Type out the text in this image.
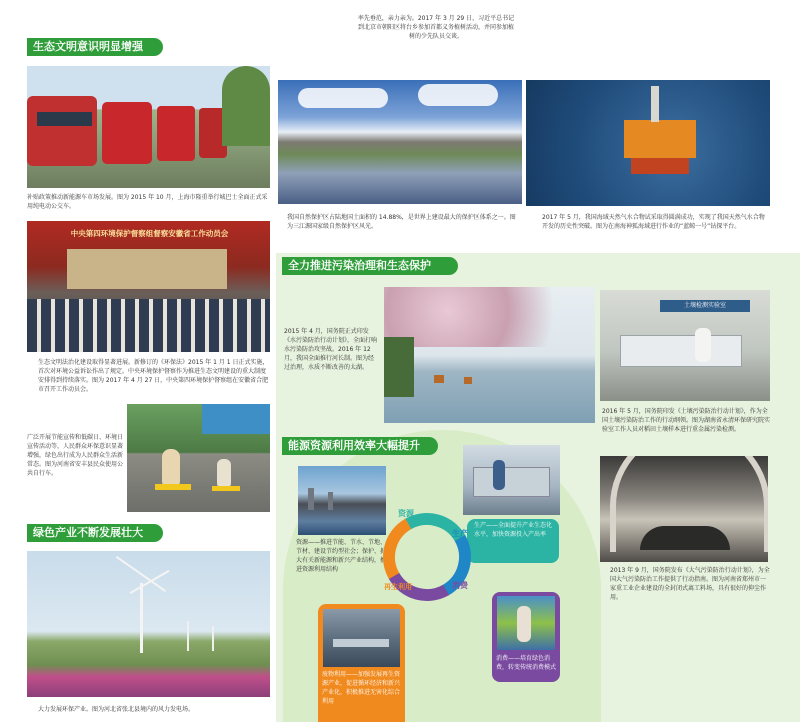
率先垂范，亲力亲为。2017 年 3 月 29 日，习近平总书记到北京市朝阳区将台乡参加首都义务植树活动，并同参加植树的少先队员交谈。
生态文明意识明显增强
补贴政策推动新能源车市场发展。图为 2015 年 10 月，上海市隆重举行城巴士全面正式采用纯电动公交车。
中央第四环境保护督察组督察安徽省工作动员会
生态文明法治化建设取得显著进展。新修订的《环保法》2015 年 1 月 1 日正式实施，首次对环境公益诉讼作出了规定。中央环境保护督察作为推进生态文明建设的重大制度安排得到持续落实。图为 2017 年 4 月 27 日，中央第四环境保护督察组在安徽省合肥市召开工作动员会。
广泛开展节能宣传和低碳日、环境日宣传活动等，人民群众环保意识显著增强，绿色出行成为人民群众生活新常态。图为河南省安丰县民众使用公共自行车。
绿色产业不断发展壮大
大力发展环保产业。图为河北省张北县境内的风力发电场。
我国自然保护区占陆地国土面积的 14.88%，是世界上建设最大的保护区体系之一。图为三江源国家级自然保护区风光。
2017 年 5 月，我国海域天然气水合物试采取得圆满成功，实现了我国天然气水合物开发的历史性突破。图为在南海神狐海域进行作业的“蓝鲸一号”钻探平台。
全力推进污染治理和生态保护
2015 年 4 月，国务院正式印发《水污染防治行动计划》，全面打响水污染防治攻坚战。2016 年 12 月，我国全面推行河长制。图为经过治理，水质不断改善的太湖。
土壤检测实验室
2016 年 5 月，国务院印发《土壤污染防治行动计划》，作为全国土壤污染防治工作的行动纲领。图为湖南省永清环保研究院实验室工作人员对稻田土壤样本进行重金属污染检测。
能源资源利用效率大幅提升
资源——推进节能、节水、节地、节材、建设节约型社会；保护、扩大有关新能源和新兴产业结构，推进资源利用结构
生产——全面提升产业生态化水平，加快资源投入产出率
资源
生产
消费
再生利用
废物利用——加强发展再生资源产业，促进循环经济和新兴产业化，积极推进无害化综合利用
消费——培育绿色消费，转变传统消费模式
2013 年 9 月，国务院发布《大气污染防治行动计划》，为全国大气污染防治工作提供了行动指南。图为河南省郑州市一家重工业企业建设的全封闭式离工料场，具有很好的抑尘作用。
